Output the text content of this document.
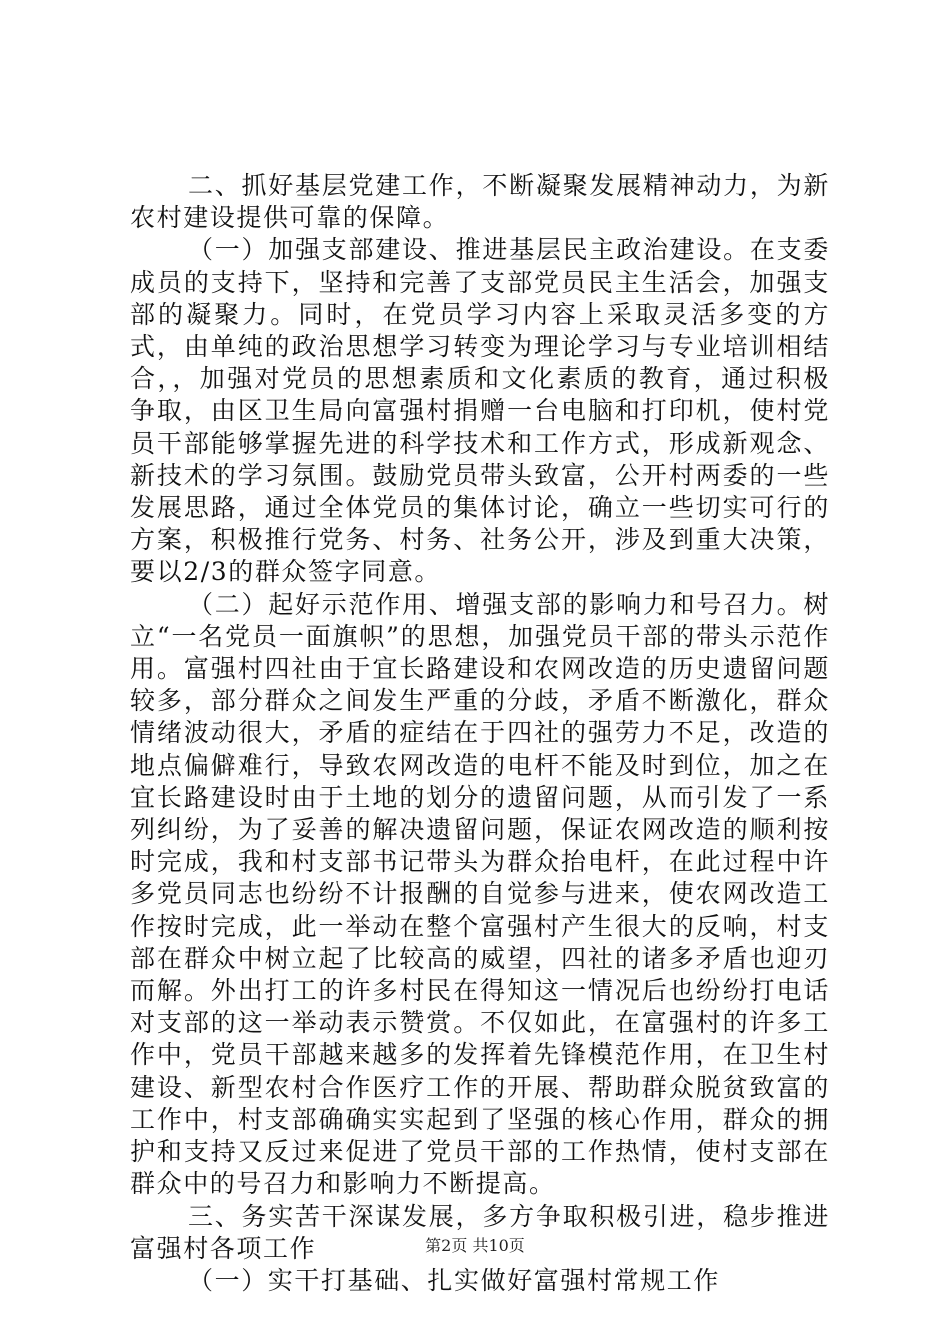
二、抓好基层党建工作，不断凝聚发展精神动力，为新农村建设提供可靠的保障。

（一）加强支部建设、推进基层民主政治建设。在支委成员的支持下，坚持和完善了支部党员民主生活会，加强支部的凝聚力。同时，在党员学习内容上采取灵活多变的方式，由单纯的政治思想学习转变为理论学习与专业培训相结合，，加强对党员的思想素质和文化素质的教育，通过积极争取，由区卫生局向富强村捐赠一台电脑和打印机，使村党员干部能够掌握先进的科学技术和工作方式，形成新观念、新技术的学习氛围。鼓励党员带头致富，公开村两委的一些发展思路，通过全体党员的集体讨论，确立一些切实可行的方案，积极推行党务、村务、社务公开，涉及到重大决策，要以2/3的群众签字同意。

（二）起好示范作用、增强支部的影响力和号召力。树立“一名党员一面旗帜”的思想，加强党员干部的带头示范作用。富强村四社由于宜长路建设和农网改造的历史遗留问题较多，部分群众之间发生严重的分歧，矛盾不断激化，群众情绪波动很大，矛盾的症结在于四社的强劳力不足，改造的地点偏僻难行，导致农网改造的电杆不能及时到位，加之在宜长路建设时由于土地的划分的遗留问题，从而引发了一系列纠纷，为了妥善的解决遗留问题，保证农网改造的顺利按时完成，我和村支部书记带头为群众抬电杆，在此过程中许多党员同志也纷纷不计报酬的自觉参与进来，使农网改造工作按时完成，此一举动在整个富强村产生很大的反响，村支部在群众中树立起了比较高的威望，四社的诸多矛盾也迎刃而解。外出打工的许多村民在得知这一情况后也纷纷打电话对支部的这一举动表示赞赏。不仅如此，在富强村的许多工作中，党员干部越来越多的发挥着先锋模范作用，在卫生村建设、新型农村合作医疗工作的开展、帮助群众脱贫致富的工作中，村支部确确实实起到了坚强的核心作用，群众的拥护和支持又反过来促进了党员干部的工作热情，使村支部在群众中的号召力和影响力不断提高。

三、务实苦干深谋发展，多方争取积极引进，稳步推进富强村各项工作

（一）实干打基础、扎实做好富强村常规工作

第2页 共10页
